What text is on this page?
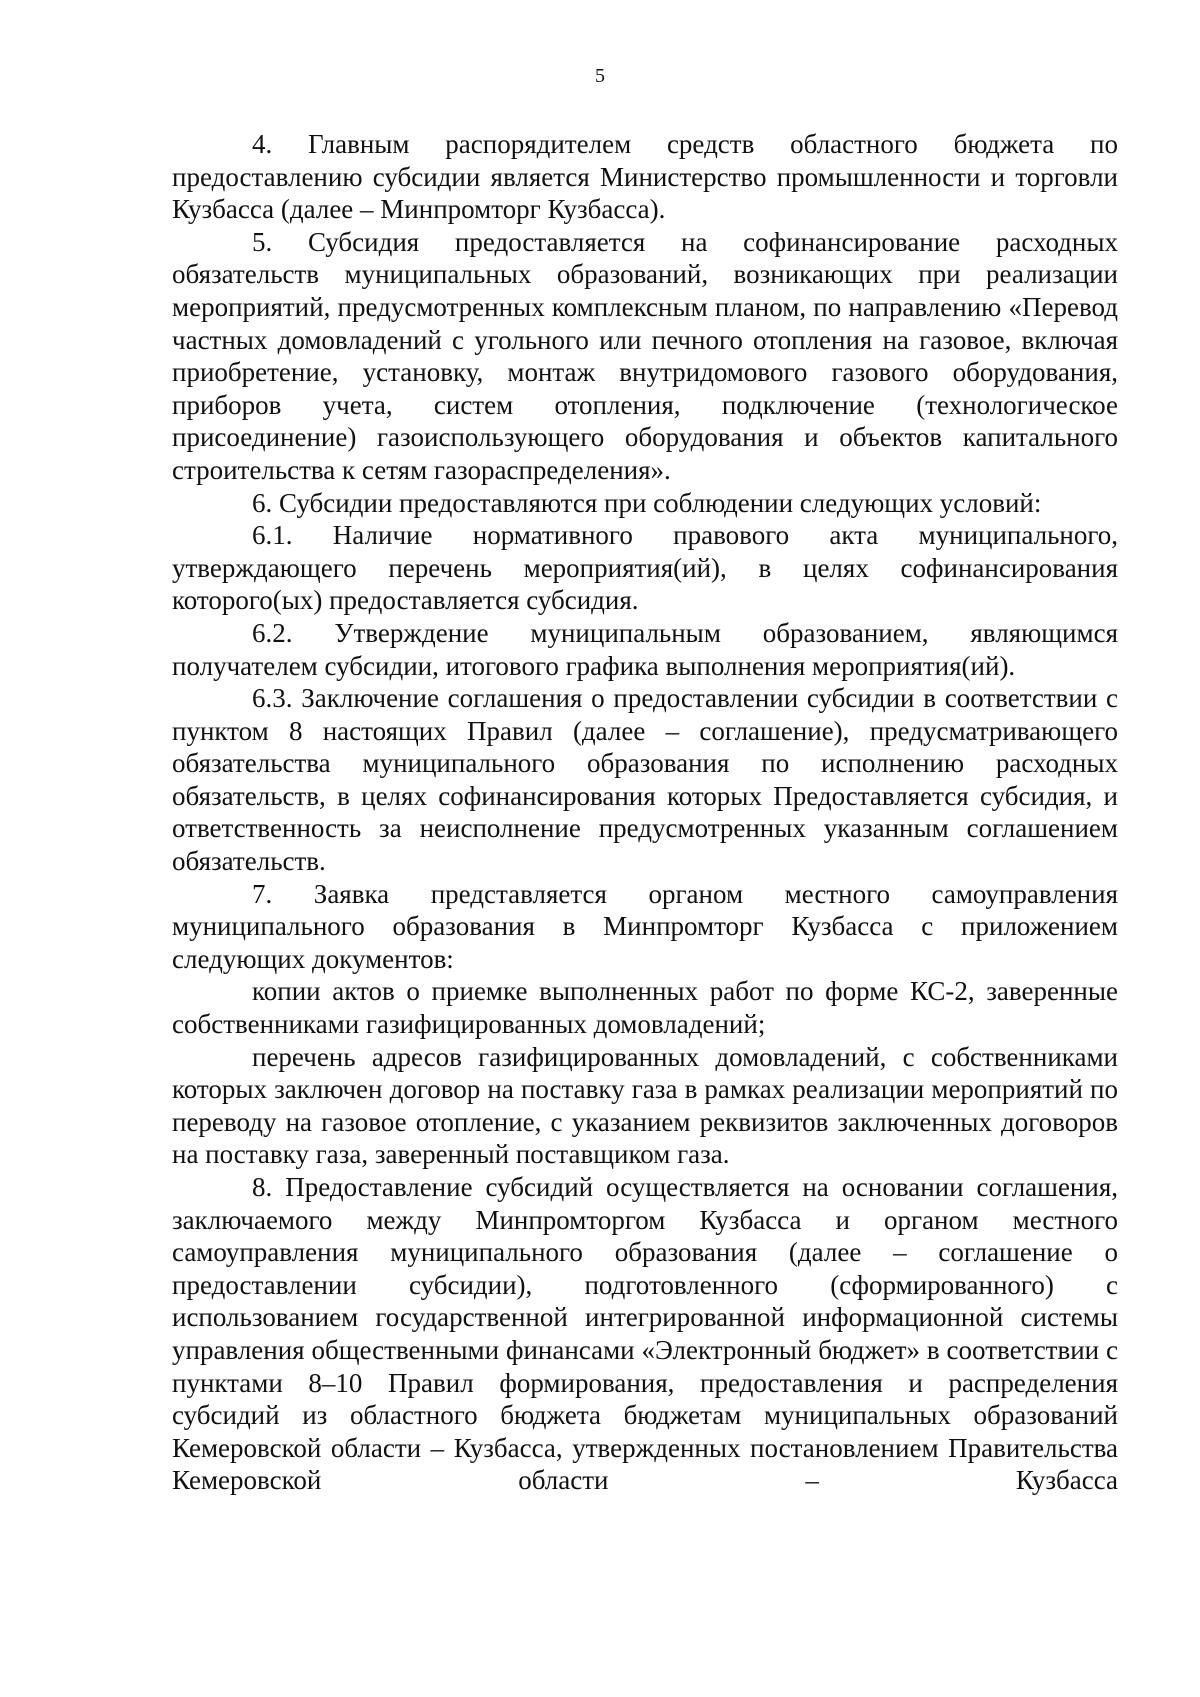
5

4. Главным распорядителем средств областного бюджета по предоставлению субсидии является Министерство промышленности и торговли Кузбасса (далее – Минпромторг Кузбасса).

5. Субсидия предоставляется на софинансирование расходных обязательств муниципальных образований, возникающих при реализации мероприятий, предусмотренных комплексным планом, по направлению «Перевод частных домовладений с угольного или печного отопления на газовое, включая приобретение, установку, монтаж внутридомового газового оборудования, приборов учета, систем отопления, подключение (технологическое присоединение) газоиспользующего оборудования и объектов капитального строительства к сетям газораспределения».

6. Субсидии предоставляются при соблюдении следующих условий:

6.1. Наличие нормативного правового акта муниципального, утверждающего перечень мероприятия(ий), в целях софинансирования которого(ых) предоставляется субсидия.

6.2. Утверждение муниципальным образованием, являющимся получателем субсидии, итогового графика выполнения мероприятия(ий).

6.3. Заключение соглашения о предоставлении субсидии в соответствии с пунктом 8 настоящих Правил (далее – соглашение), предусматривающего обязательства муниципального образования по исполнению расходных обязательств, в целях софинансирования которых Предоставляется субсидия, и ответственность за неисполнение предусмотренных указанным соглашением обязательств.

7. Заявка представляется органом местного самоуправления муниципального образования в Минпромторг Кузбасса с приложением следующих документов:

копии актов о приемке выполненных работ по форме КС-2, заверенные собственниками газифицированных домовладений;

перечень адресов газифицированных домовладений, с собственниками которых заключен договор на поставку газа в рамках реализации мероприятий по переводу на газовое отопление, с указанием реквизитов заключенных договоров на поставку газа, заверенный поставщиком газа.

8. Предоставление субсидий осуществляется на основании соглашения, заключаемого между Минпромторгом Кузбасса и органом местного самоуправления муниципального образования (далее – соглашение о предоставлении субсидии), подготовленного (сформированного) с использованием государственной интегрированной информационной системы управления общественными финансами «Электронный бюджет» в соответствии с пунктами 8–10 Правил формирования, предоставления и распределения субсидий из областного бюджета бюджетам муниципальных образований Кемеровской области – Кузбасса, утвержденных постановлением Правительства Кемеровской области – Кузбасса
